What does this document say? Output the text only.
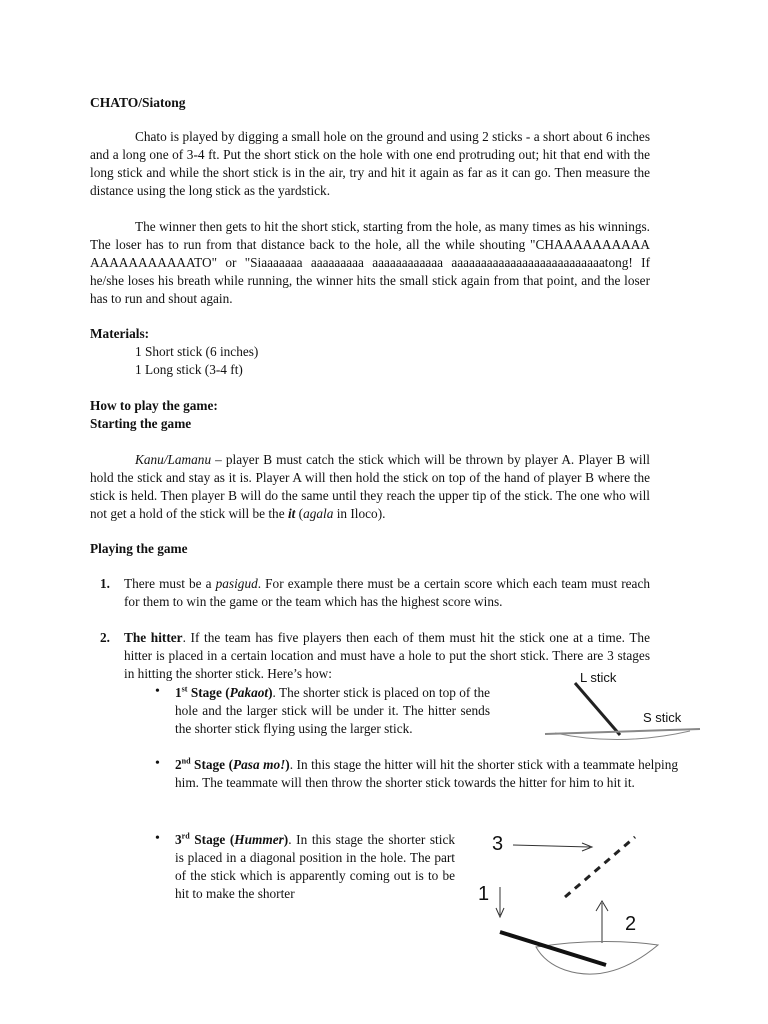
CHATO/Siatong
Chato is played by digging a small hole on the ground and using 2 sticks - a short about 6 inches and a long one of 3-4 ft. Put the short stick on the hole with one end protruding out; hit that end with the long stick and while the short stick is in the air, try and hit it again as far as it can go. Then measure the distance using the long stick as the yardstick.
The winner then gets to hit the short stick, starting from the hole, as many times as his winnings. The loser has to run from that distance back to the hole, all the while shouting "CHAAAAAAAAAA AAAAAAAAAAATO" or "Siaaaaaaa aaaaaaaaa aaaaaaaaaaaa aaaaaaaaaaaaaaaaaaaaaaaaaatong! If he/she loses his breath while running, the winner hits the small stick again from that point, and the loser has to run and shout again.
Materials:
1 Short stick (6 inches)
1 Long stick (3-4 ft)
How to play the game:
Starting the game
Kanu/Lamanu – player B must catch the stick which will be thrown by player A. Player B will hold the stick and stay as it is. Player A will then hold the stick on top of the hand of player B where the stick is held. Then player B will do the same until they reach the upper tip of the stick. The one who will not get a hold of the stick will be the it (agala in Iloco).
Playing the game
1. There must be a pasigud. For example there must be a certain score which each team must reach for them to win the game or the team which has the highest score wins.
2. The hitter. If the team has five players then each of them must hit the stick one at a time. The hitter is placed in a certain location and must have a hole to put the short stick. There are 3 stages in hitting the shorter stick. Here’s how:
• 1st Stage (Pakaot). The shorter stick is placed on top of the hole and the larger stick will be under it. The hitter sends the shorter stick flying using the larger stick.
L stick
S stick
• 2nd Stage (Pasa mo!). In this stage the hitter will hit the shorter stick with a teammate helping him. The teammate will then throw the shorter stick towards the hitter for him to hit it.
• 3rd Stage (Hummer). In this stage the shorter stick is placed in a diagonal position in the hole. The part of the stick which is apparently coming out is to be hit to make the shorter
3
1
2
